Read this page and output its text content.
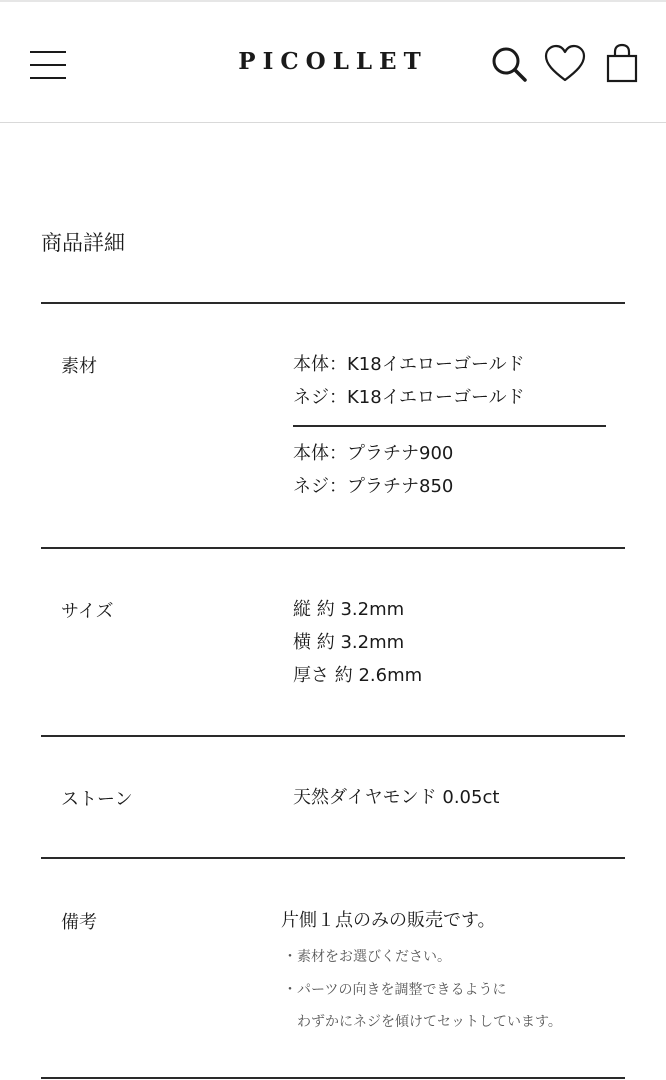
PICOLLET
商品詳細
素材	本体：K18イエローゴールド
ネジ：K18イエローゴールド
本体：プラチナ900
ネジ：プラチナ850
サイズ	縦 約 3.2mm
横 約 3.2mm
厚さ 約 2.6mm
ストーン	天然ダイヤモンド 0.05ct
備考	片側１点のみの販売です。
・素材をお選びください。
・パーツの向きを調整できるように
わずかにネジを傾けてセットしています。
